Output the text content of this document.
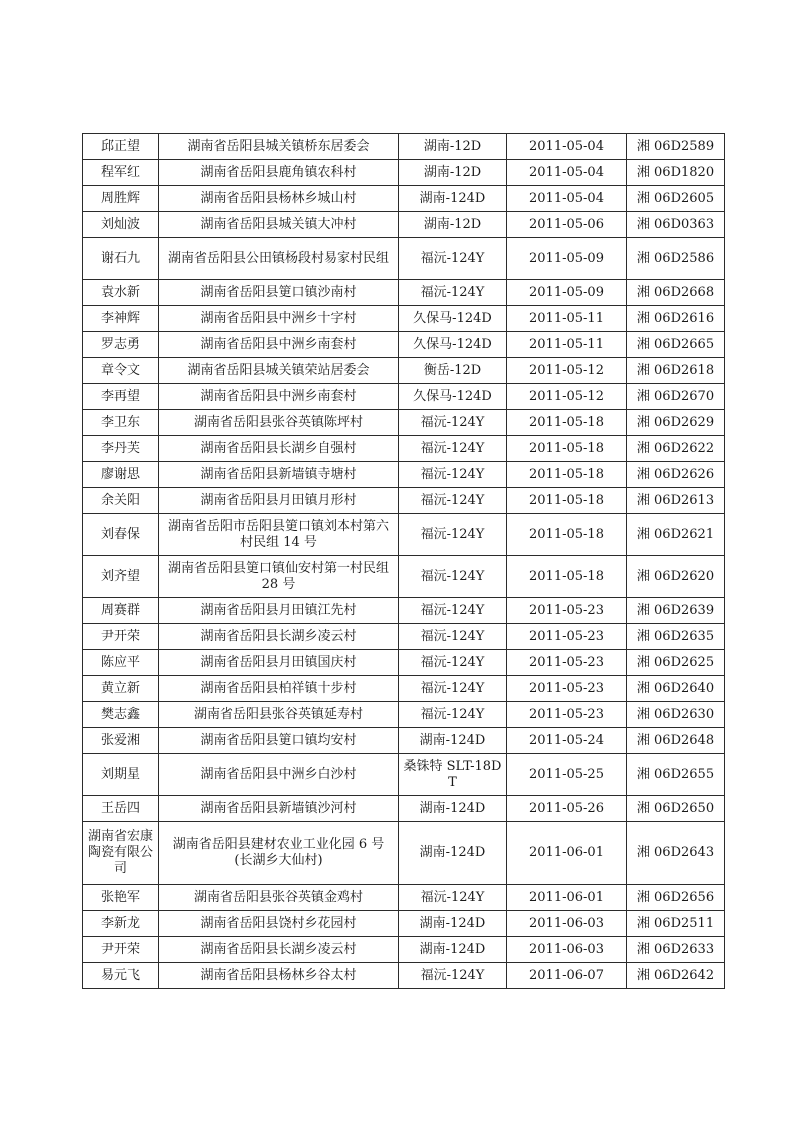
邱正望	湖南省岳阳县城关镇桥东居委会	湖南-12D	2011-05-04	湘 06D2589
程军红	湖南省岳阳县鹿角镇农科村	湖南-12D	2011-05-04	湘 06D1820
周胜辉	湖南省岳阳县杨林乡城山村	湖南-124D	2011-05-04	湘 06D2605
刘灿波	湖南省岳阳县城关镇大冲村	湖南-12D	2011-05-06	湘 06D0363
谢石九	湖南省岳阳县公田镇杨段村易家村民组	福沅-124Y	2011-05-09	湘 06D2586
袁水新	湖南省岳阳县筻口镇沙南村	福沅-124Y	2011-05-09	湘 06D2668
李神辉	湖南省岳阳县中洲乡十字村	久保马-124D	2011-05-11	湘 06D2616
罗志勇	湖南省岳阳县中洲乡南套村	久保马-124D	2011-05-11	湘 06D2665
章令文	湖南省岳阳县城关镇荣站居委会	衡岳-12D	2011-05-12	湘 06D2618
李再望	湖南省岳阳县中洲乡南套村	久保马-124D	2011-05-12	湘 06D2670
李卫东	湖南省岳阳县张谷英镇陈坪村	福沅-124Y	2011-05-18	湘 06D2629
李丹芙	湖南省岳阳县长湖乡自强村	福沅-124Y	2011-05-18	湘 06D2622
廖谢思	湖南省岳阳县新墙镇寺塘村	福沅-124Y	2011-05-18	湘 06D2626
余关阳	湖南省岳阳县月田镇月形村	福沅-124Y	2011-05-18	湘 06D2613
刘春保	湖南省岳阳市岳阳县筻口镇刘本村第六村民组 14 号	福沅-124Y	2011-05-18	湘 06D2621
刘齐望	湖南省岳阳县筻口镇仙安村第一村民组 28 号	福沅-124Y	2011-05-18	湘 06D2620
周赛群	湖南省岳阳县月田镇江先村	福沅-124Y	2011-05-23	湘 06D2639
尹开荣	湖南省岳阳县长湖乡凌云村	福沅-124Y	2011-05-23	湘 06D2635
陈应平	湖南省岳阳县月田镇国庆村	福沅-124Y	2011-05-23	湘 06D2625
黄立新	湖南省岳阳县柏祥镇十步村	福沅-124Y	2011-05-23	湘 06D2640
樊志鑫	湖南省岳阳县张谷英镇延寿村	福沅-124Y	2011-05-23	湘 06D2630
张爱湘	湖南省岳阳县筻口镇均安村	湖南-124D	2011-05-24	湘 06D2648
刘期星	湖南省岳阳县中洲乡白沙村	桑铢特 SLT-18DT	2011-05-25	湘 06D2655
王岳四	湖南省岳阳县新墙镇沙河村	湖南-124D	2011-05-26	湘 06D2650
湖南省宏康陶瓷有限公司	湖南省岳阳县建材农业工业化园 6 号(长湖乡大仙村)	湖南-124D	2011-06-01	湘 06D2643
张艳军	湖南省岳阳县张谷英镇金鸡村	福沅-124Y	2011-06-01	湘 06D2656
李新龙	湖南省岳阳县饶村乡花园村	湖南-124D	2011-06-03	湘 06D2511
尹开荣	湖南省岳阳县长湖乡凌云村	湖南-124D	2011-06-03	湘 06D2633
易元飞	湖南省岳阳县杨林乡谷太村	福沅-124Y	2011-06-07	湘 06D2642
